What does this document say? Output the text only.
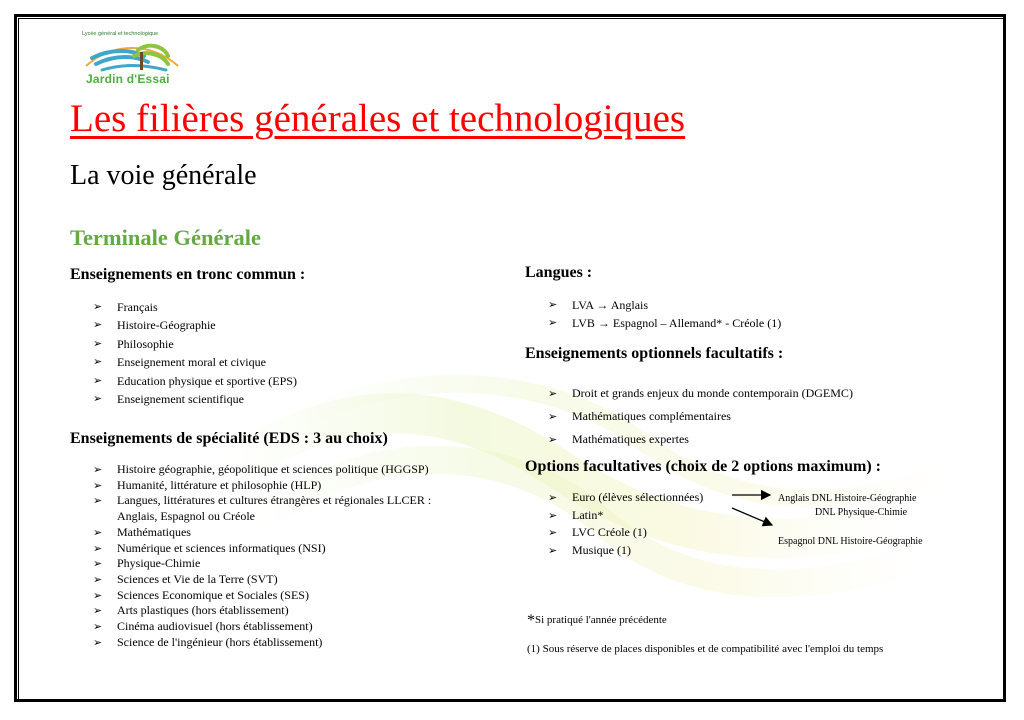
Lycée général et technologique
Jardin d'Essai
Les filières générales et technologiques
La voie générale
Terminale Générale
Enseignements en tronc commun :
➢ Français
➢ Histoire-Géographie
➢ Philosophie
➢ Enseignement moral et civique
➢ Education physique et sportive (EPS)
➢ Enseignement scientifique
Enseignements de spécialité (EDS : 3 au choix)
➢ Histoire géographie, géopolitique et sciences politique (HGGSP)
➢ Humanité, littérature et philosophie (HLP)
➢ Langues, littératures et cultures étrangères et régionales LLCER :
Anglais, Espagnol ou Créole
➢ Mathématiques
➢ Numérique et sciences informatiques (NSI)
➢ Physique-Chimie
➢ Sciences et Vie de la Terre (SVT)
➢ Sciences Economique et Sociales (SES)
➢ Arts plastiques (hors établissement)
➢ Cinéma audiovisuel (hors établissement)
➢ Science de l'ingénieur (hors établissement)
Langues :
➢ LVA → Anglais
➢ LVB → Espagnol – Allemand* - Créole (1)
Enseignements optionnels facultatifs :
➢ Droit et grands enjeux du monde contemporain (DGEMC)
➢ Mathématiques complémentaires
➢ Mathématiques expertes
Options facultatives (choix de 2 options maximum) :
➢ Euro (élèves sélectionnées)
➢ Latin*
➢ LVC Créole (1)
➢ Musique (1)
Anglais DNL Histoire-Géographie
DNL Physique-Chimie
Espagnol DNL Histoire-Géographie
*Si pratiqué l'année précédente
(1) Sous réserve de places disponibles et de compatibilité avec l'emploi du temps
